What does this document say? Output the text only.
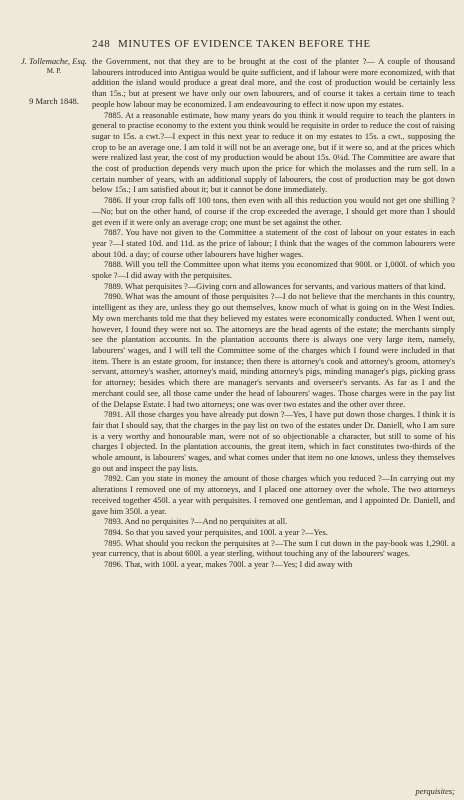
248 MINUTES OF EVIDENCE TAKEN BEFORE THE
J. Tollemache, Esq.
M. P.
9 March 1848.

the Government, not that they are to be brought at the cost of the planter ?— A couple of thousand labourers introduced into Antigua would be quite sufficient, and if labour were more economized, with that addition the island would produce a great deal more, and the cost of production would be certainly less than 15s.; but at present we have only our own labourers, and of course it takes a certain time to teach people how labour may be economized. I am endeavouring to effect it now upon my estates.

7885. At a reasonable estimate, how many years do you think it would require to teach the planters in general to practise economy to the extent you think would be requisite in order to reduce the cost of raising sugar to 15s. a cwt.?—I expect in this next year to reduce it on my estates to 15s. a cwt., supposing the crop to be an average one. I am told it will not be an average one, but if it were so, and at the prices which were realized last year, the cost of my production would be about 15s. 0¼d. The Committee are aware that the cost of production depends very much upon the price for which the molasses and the rum sell. In a certain number of years, with an additional supply of labourers, the cost of production may be got down below 15s.; I am satisfied about it; but it cannot be done immediately.

7886. If your crop falls off 100 tons, then even with all this reduction you would not get one shilling ?—No; but on the other hand, of course if the crop exceeded the average, I should get more than I should get even if it were only an average crop; one must be set against the other.

7887. You have not given to the Committee a statement of the cost of labour on your estates in each year ?—I stated 10d. and 11d. as the price of labour; I think that the wages of the common labourers were about 10d. a day; of course other labourers have higher wages.

7888. Will you tell the Committee upon what items you economized that 900l. or 1,000l. of which you spoke ?—I did away with the perquisites.

7889. What perquisites ?—Giving corn and allowances for servants, and various matters of that kind.

7890. What was the amount of those perquisites ?—I do not believe that the merchants in this country, intelligent as they are, unless they go out themselves, know much of what is going on in the West Indies. My own merchants told me that they believed my estates were economically conducted. When I went out, however, I found they were not so. The attorneys are the head agents of the estate; the merchants simply see the plantation accounts. In the plantation accounts there is always one very large item, namely, labourers' wages, and I will tell the Committee some of the charges which I found were included in that item. There is an estate groom, for instance; then there is attorney's cook and attorney's groom, attorney's servant, attorney's washer, attorney's maid, minding attorney's pigs, minding manager's pigs, picking grass for attorney; besides which there are manager's servants and overseer's servants. As far as I and the merchant could see, all those came under the head of labourers' wages. Those charges were in the pay list of the Delapse Estate. I had two attorneys; one was over two estates and the other over three.

7891. All those charges you have already put down ?—Yes, I have put down those charges. I think it is fair that I should say, that the charges in the pay list on two of the estates under Dr. Daniell, who I am sure is a very worthy and honourable man, were not of so objectionable a character, but still to some of his charges I objected. In the plantation accounts, the great item, which in fact constitutes two-thirds of the whole amount, is labourers' wages, and what comes under that item no one knows, unless they themselves go out and inspect the pay lists.

7892. Can you state in money the amount of those charges which you reduced ?—In carrying out my alterations I removed one of my attorneys, and I placed one attorney over the whole. The two attorneys received together 450l. a year with perquisites. I removed one gentleman, and I appointed Dr. Daniell, and gave him 350l. a year.

7893. And no perquisites ?—And no perquisites at all.

7894. So that you saved your perquisites, and 100l. a year ?—Yes.

7895. What should you reckon the perquisites at ?—The sum I cut down in the pay-book was 1,290l. a year currency, that is about 600l. a year sterling, without touching any of the labourers' wages.

7896. That, with 100l. a year, makes 700l. a year ?—Yes; I did away with

perquisites;
